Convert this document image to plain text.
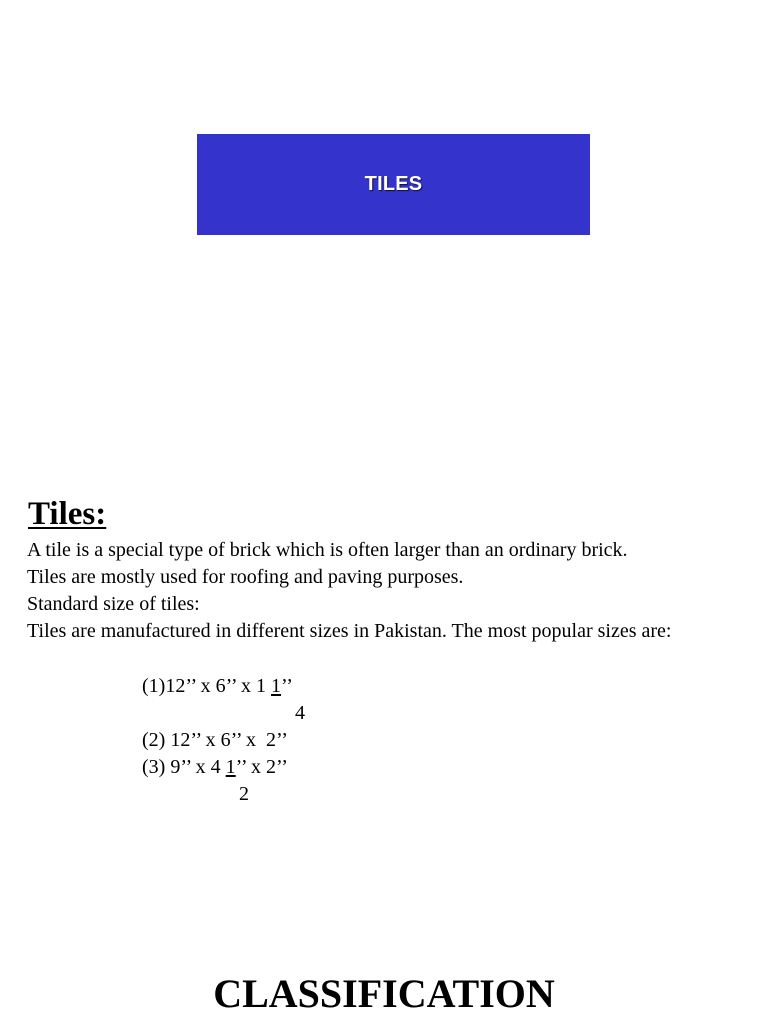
TILES
Tiles:

A tile is a special type of brick which is often larger than an ordinary brick.

Tiles are mostly used for roofing and paving purposes.

Standard size of tiles:

Tiles are manufactured in different sizes in Pakistan. The most popular sizes are:

(1)12’’ x 6’’ x 1 1’’
4
(2) 12’’ x 6’’ x  2’’
(3) 9’’ x 4 1’’ x 2’’
2
CLASSIFICATION
